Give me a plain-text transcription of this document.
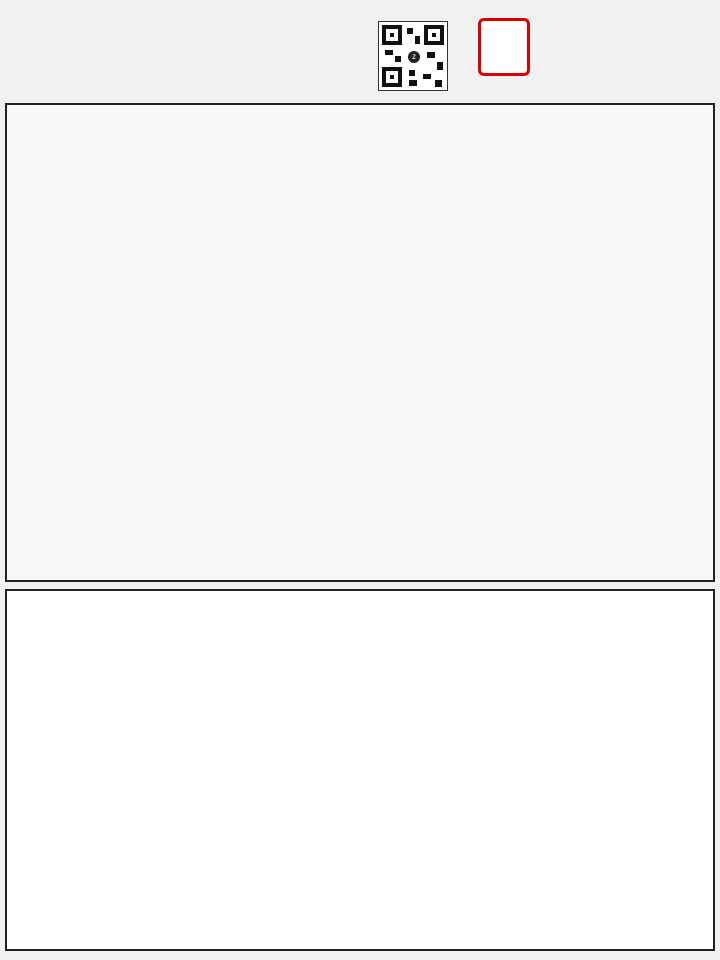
z
